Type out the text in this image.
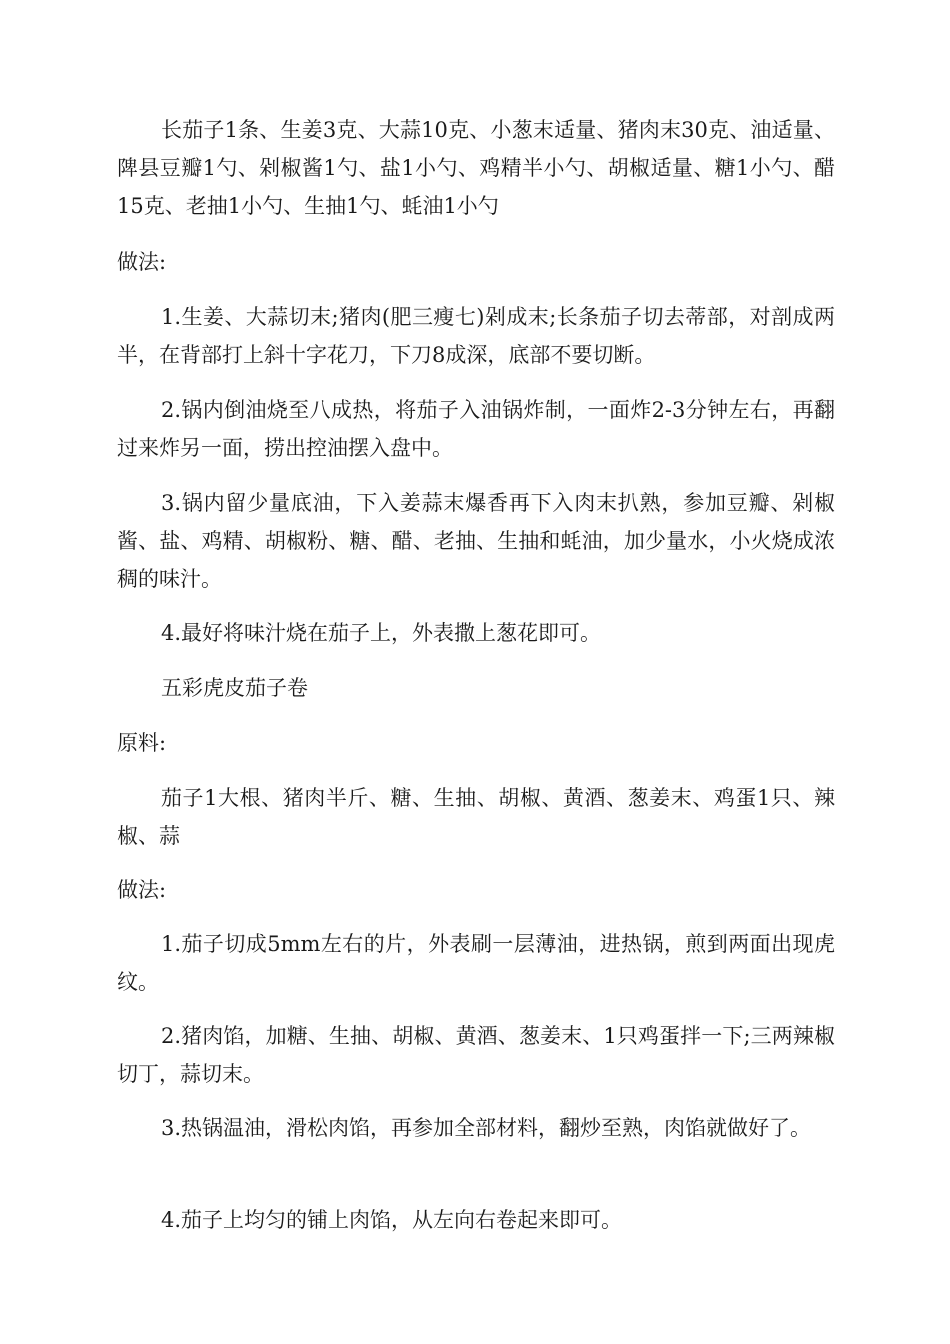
长茄子1条、生姜3克、大蒜10克、小葱末适量、猪肉末30克、油适量、陴县豆瓣1勺、剁椒酱1勺、盐1小勺、鸡精半小勺、胡椒适量、糖1小勺、醋15克、老抽1小勺、生抽1勺、蚝油1小勺

做法:

1.生姜、大蒜切末;猪肉(肥三瘦七)剁成末;长条茄子切去蒂部，对剖成两半，在背部打上斜十字花刀，下刀8成深，底部不要切断。

2.锅内倒油烧至八成热，将茄子入油锅炸制，一面炸2-3分钟左右，再翻过来炸另一面，捞出控油摆入盘中。

3.锅内留少量底油，下入姜蒜末爆香再下入肉末扒熟，参加豆瓣、剁椒酱、盐、鸡精、胡椒粉、糖、醋、老抽、生抽和蚝油，加少量水，小火烧成浓稠的味汁。

4.最好将味汁烧在茄子上，外表撒上葱花即可。

五彩虎皮茄子卷

原料:

茄子1大根、猪肉半斤、糖、生抽、胡椒、黄酒、葱姜末、鸡蛋1只、辣椒、蒜

做法:

1.茄子切成5mm左右的片，外表刷一层薄油，进热锅，煎到两面出现虎纹。

2.猪肉馅，加糖、生抽、胡椒、黄酒、葱姜末、1只鸡蛋拌一下;三两辣椒切丁，蒜切末。

3.热锅温油，滑松肉馅，再参加全部材料，翻炒至熟，肉馅就做好了。

4.茄子上均匀的铺上肉馅，从左向右卷起来即可。
